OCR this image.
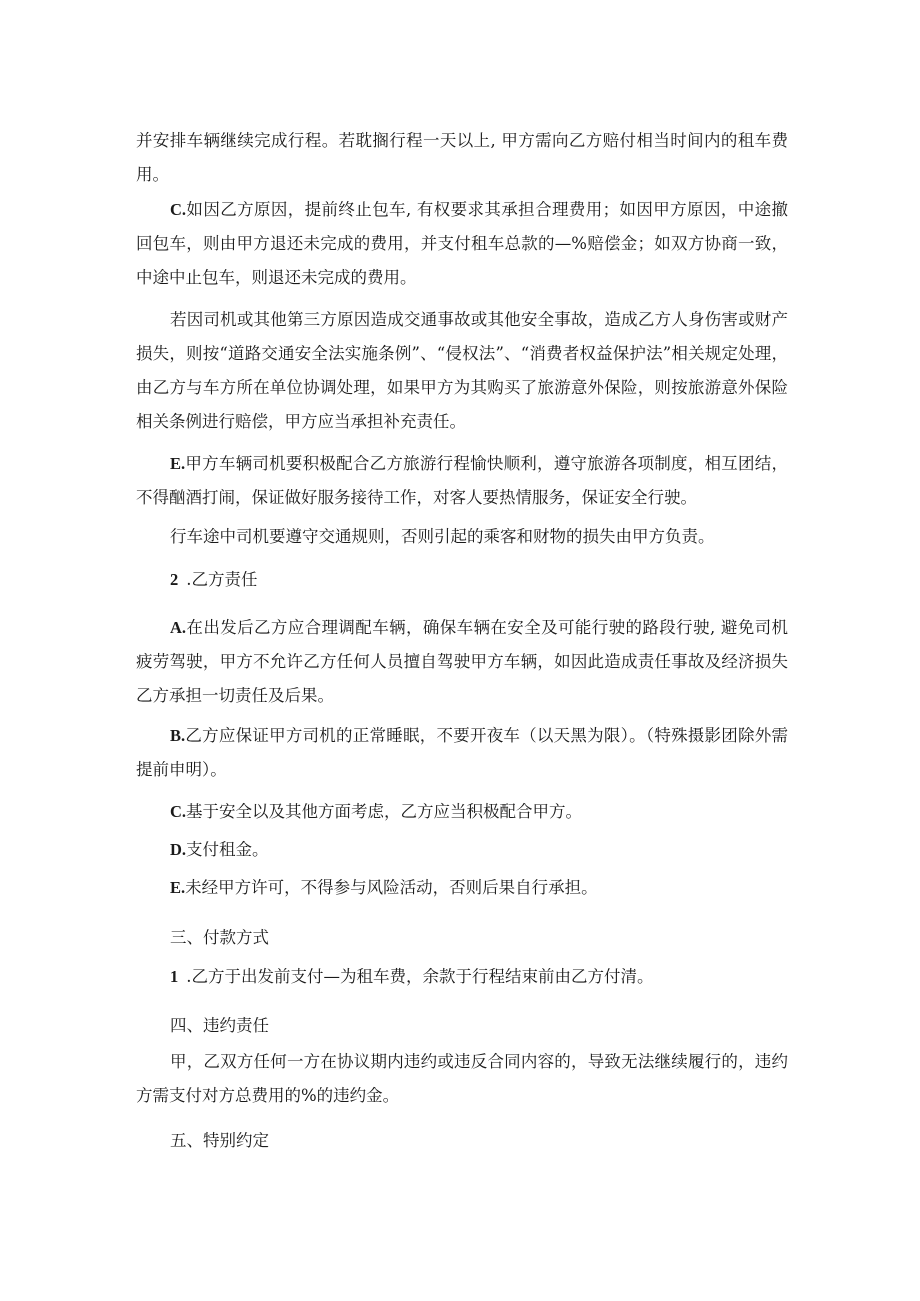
并安排车辆继续完成行程。若耽搁行程一天以上, 甲方需向乙方赔付相当时间内的租车费用。

C.如因乙方原因，提前终止包车, 有权要求其承担合理费用；如因甲方原因，中途撤回包车，则由甲方退还未完成的费用，并支付租车总款的—%赔偿金；如双方协商一致，中途中止包车，则退还未完成的费用。

若因司机或其他第三方原因造成交通事故或其他安全事故，造成乙方人身伤害或财产损失，则按“道路交通安全法实施条例”、“侵权法”、“消费者权益保护法”相关规定处理，由乙方与车方所在单位协调处理，如果甲方为其购买了旅游意外保险，则按旅游意外保险相关条例进行赔偿，甲方应当承担补充责任。

E.甲方车辆司机要积极配合乙方旅游行程愉快顺利，遵守旅游各项制度，相互团结，不得酗酒打闹，保证做好服务接待工作，对客人要热情服务，保证安全行驶。

行车途中司机要遵守交通规则，否则引起的乘客和财物的损失由甲方负责。

2 .乙方责任

A.在出发后乙方应合理调配车辆，确保车辆在安全及可能行驶的路段行驶, 避免司机疲劳驾驶，甲方不允许乙方任何人员擅自驾驶甲方车辆，如因此造成责任事故及经济损失乙方承担一切责任及后果。

B.乙方应保证甲方司机的正常睡眠，不要开夜车（以天黑为限）。（特殊摄影团除外需提前申明）。

C.基于安全以及其他方面考虑，乙方应当积极配合甲方。

D.支付租金。

E.未经甲方许可，不得参与风险活动，否则后果自行承担。

三、付款方式

1 .乙方于出发前支付—为租车费，余款于行程结束前由乙方付清。

四、违约责任

甲，乙双方任何一方在协议期内违约或违反合同内容的，导致无法继续履行的，违约方需支付对方总费用的%的违约金。

五、特别约定
